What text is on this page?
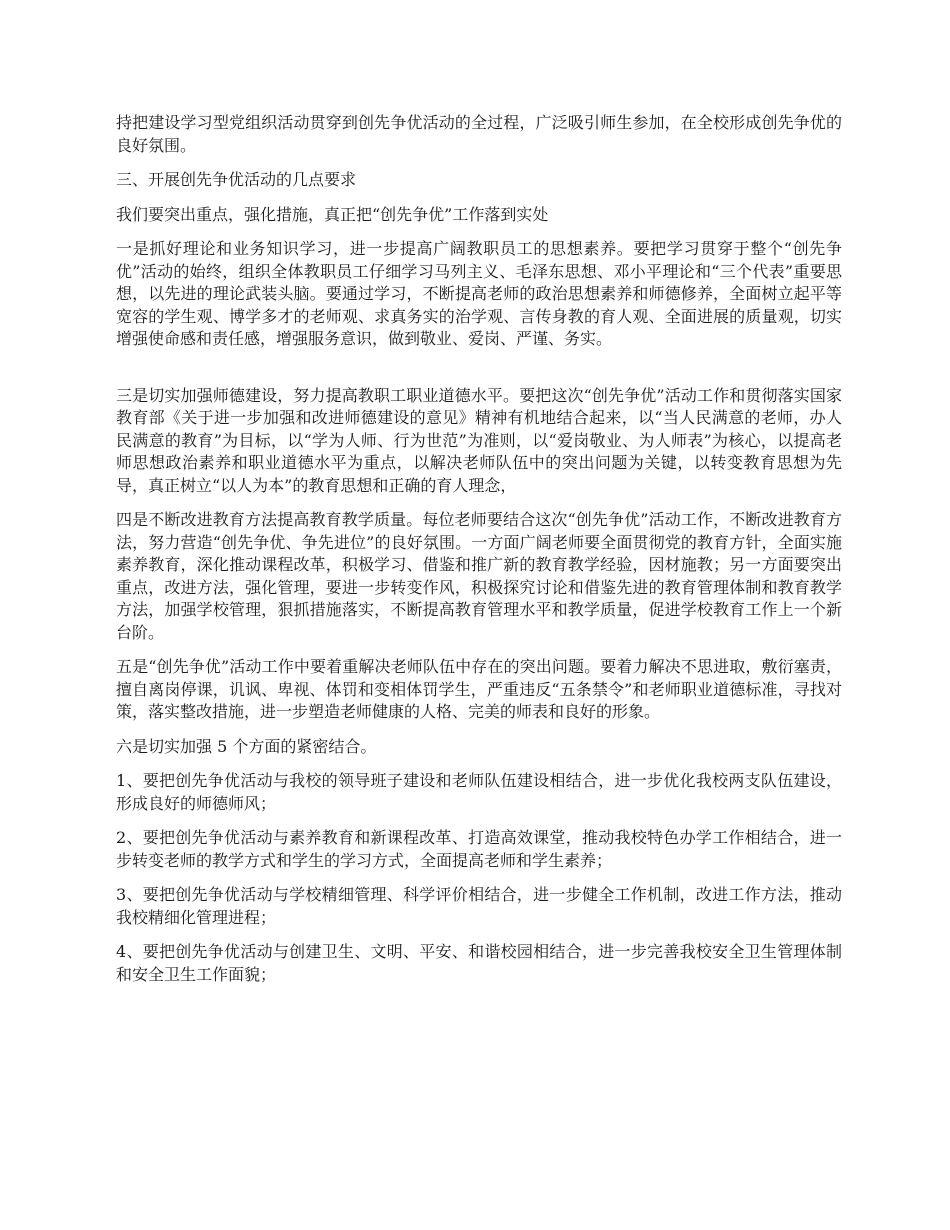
持把建设学习型党组织活动贯穿到创先争优活动的全过程，广泛吸引师生参加，在全校形成创先争优的良好氛围。

三、开展创先争优活动的几点要求

我们要突出重点，强化措施，真正把“创先争优”工作落到实处

一是抓好理论和业务知识学习，进一步提高广阔教职员工的思想素养。要把学习贯穿于整个“创先争优”活动的始终，组织全体教职员工仔细学习马列主义、毛泽东思想、邓小平理论和“三个代表”重要思想，以先进的理论武装头脑。要通过学习，不断提高老师的政治思想素养和师德修养，全面树立起平等宽容的学生观、博学多才的老师观、求真务实的治学观、言传身教的育人观、全面进展的质量观，切实增强使命感和责任感，增强服务意识，做到敬业、爱岗、严谨、务实。

三是切实加强师德建设，努力提高教职工职业道德水平。要把这次“创先争优”活动工作和贯彻落实国家教育部《关于进一步加强和改进师德建设的意见》精神有机地结合起来，以“当人民满意的老师，办人民满意的教育”为目标，以“学为人师、行为世范”为准则，以“爱岗敬业、为人师表”为核心，以提高老师思想政治素养和职业道德水平为重点，以解决老师队伍中的突出问题为关键，以转变教育思想为先导，真正树立“以人为本”的教育思想和正确的育人理念，

四是不断改进教育方法提高教育教学质量。每位老师要结合这次“创先争优”活动工作，不断改进教育方法，努力营造“创先争优、争先进位”的良好氛围。一方面广阔老师要全面贯彻党的教育方针，全面实施素养教育，深化推动课程改革，积极学习、借鉴和推广新的教育教学经验，因材施教；另一方面要突出重点，改进方法，强化管理，要进一步转变作风，积极探究讨论和借鉴先进的教育管理体制和教育教学方法，加强学校管理，狠抓措施落实，不断提高教育管理水平和教学质量，促进学校教育工作上一个新台阶。

五是“创先争优”活动工作中要着重解决老师队伍中存在的突出问题。要着力解决不思进取，敷衍塞责，擅自离岗停课，讥讽、卑视、体罚和变相体罚学生，严重违反“五条禁令”和老师职业道德标准，寻找对策，落实整改措施，进一步塑造老师健康的人格、完美的师表和良好的形象。

六是切实加强 5 个方面的紧密结合。

1、要把创先争优活动与我校的领导班子建设和老师队伍建设相结合，进一步优化我校两支队伍建设，形成良好的师德师风；

2、要把创先争优活动与素养教育和新课程改革、打造高效课堂，推动我校特色办学工作相结合，进一步转变老师的教学方式和学生的学习方式，全面提高老师和学生素养；

3、要把创先争优活动与学校精细管理、科学评价相结合，进一步健全工作机制，改进工作方法，推动我校精细化管理进程；

4、要把创先争优活动与创建卫生、文明、平安、和谐校园相结合，进一步完善我校安全卫生管理体制和安全卫生工作面貌；
